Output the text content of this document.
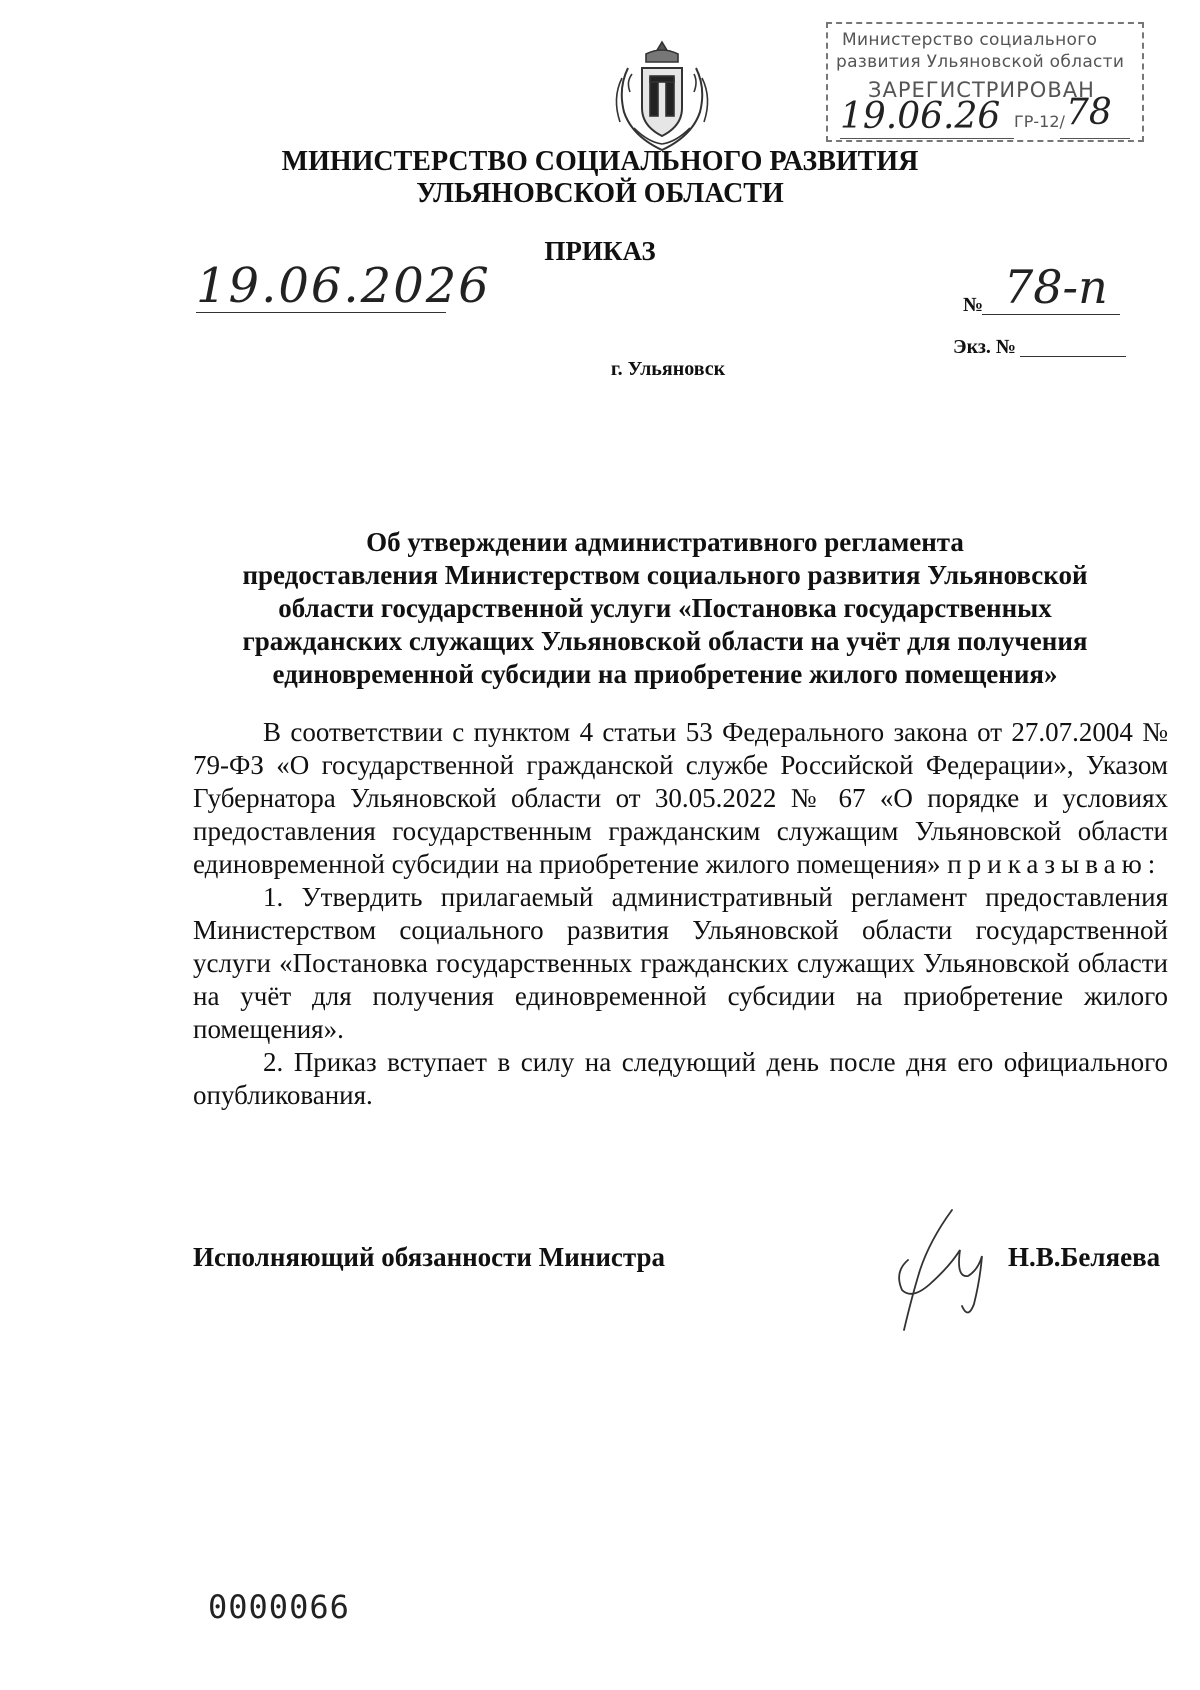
Министерство социального
развития Ульяновской области
ЗАРЕГИСТРИРОВАН
19.06.26 ГР-12/ 78
МИНИСТЕРСТВО СОЦИАЛЬНОГО РАЗВИТИЯ
УЛЬЯНОВСКОЙ ОБЛАСТИ
ПРИКАЗ
19.06.2026	№ 78-п
Экз. №
г. Ульяновск
Об утверждении административного регламента
предоставления Министерством социального развития Ульяновской
области государственной услуги «Постановка государственных
гражданских служащих Ульяновской области на учёт для получения
единовременной субсидии на приобретение жилого помещения»

В соответствии с пунктом 4 статьи 53 Федерального закона от 27.07.2004 № 79-ФЗ «О государственной гражданской службе Российской Федерации», Указом Губернатора Ульяновской области от 30.05.2022 № 67 «О порядке и условиях предоставления государственным гражданским служащим Ульяновской области единовременной субсидии на приобретение жилого помещения» приказываю:

1. Утвердить прилагаемый административный регламент предоставления Министерством социального развития Ульяновской области государственной услуги «Постановка государственных гражданских служащих Ульяновской области на учёт для получения единовременной субсидии на приобретение жилого помещения».

2. Приказ вступает в силу на следующий день после дня его официального опубликования.

Исполняющий обязанности Министра	Н.В.Беляева
0000066
